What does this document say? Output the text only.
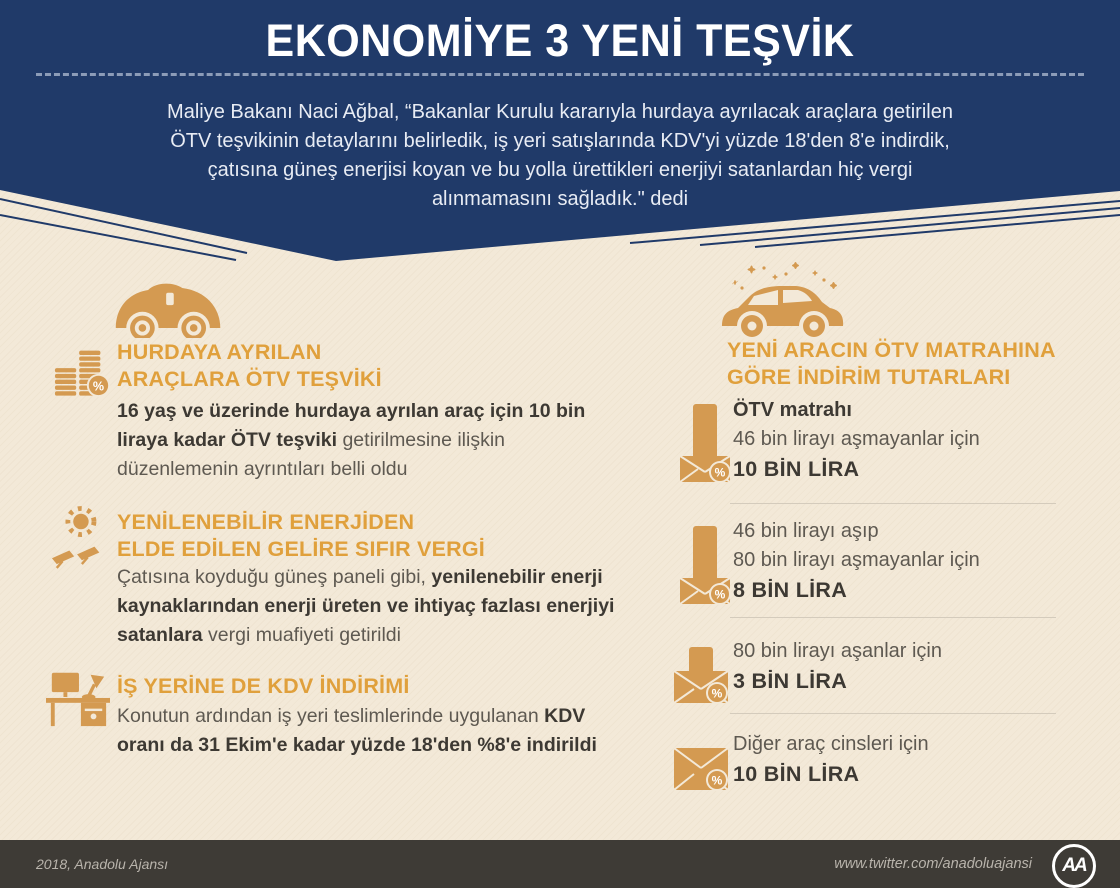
EKONOMİYE 3 YENİ TEŞVİK
Maliye Bakanı Naci Ağbal, “Bakanlar Kurulu kararıyla hurdaya ayrılacak araçlara getirilen ÖTV teşvikinin detaylarını belirledik, iş yeri satışlarında KDV'yi yüzde 18'den 8'e indirdik, çatısına güneş enerjisi koyan ve bu yolla ürettikleri enerjiyi satanlardan hiç vergi alınmamasını sağladık." dedi
%
HURDAYA AYRILAN
ARAÇLARA ÖTV TEŞVİKİ
16 yaş ve üzerinde hurdaya ayrılan araç için 10 bin liraya kadar ÖTV teşviki getirilmesine ilişkin düzenlemenin ayrıntıları belli oldu
YENİLENEBİLİR ENERJİDEN
ELDE EDİLEN GELİRE SIFIR VERGİ
Çatısına koyduğu güneş paneli gibi, yenilenebilir enerji kaynaklarından enerji üreten ve ihtiyaç fazlası enerjiyi satanlara vergi muafiyeti getirildi
İŞ YERİNE DE KDV İNDİRİMİ
Konutun ardından iş yeri teslimlerinde uygulanan KDV oranı da 31 Ekim'e kadar yüzde 18'den %8'e indirildi
YENİ ARACIN ÖTV MATRAHINA
GÖRE İNDİRİM TUTARLARI
%
ÖTV matrahı
46 bin lirayı aşmayanlar için
10 BİN LİRA
%
46 bin lirayı aşıp
80 bin lirayı aşmayanlar için
8 BİN LİRA
%
80 bin lirayı aşanlar için
3 BİN LİRA
%
Diğer araç cinsleri için
10 BİN LİRA
2018, Anadolu Ajansı	www.twitter.com/anadoluajansi	AA
